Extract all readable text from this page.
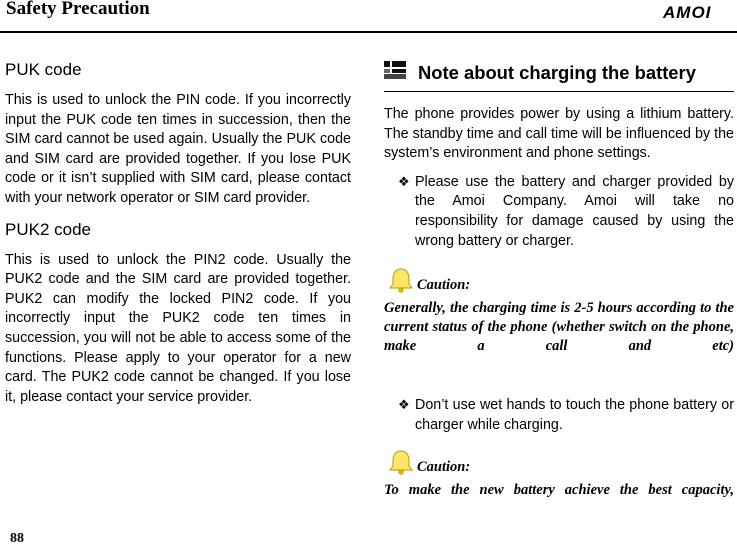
Safety Precaution	AMOI
PUK code

This is used to unlock the PIN code. If you incorrectly input the PUK code ten times in succession, then the SIM card cannot be used again. Usually the PUK code and SIM card are provided together. If you lose PUK code or it isn’t supplied with SIM card, please contact with your network operator or SIM card provider.

PUK2 code

This is used to unlock the PIN2 code. Usually the PUK2 code and the SIM card are provided together. PUK2 can modify the locked PIN2 code. If you incorrectly input the PUK2 code ten times in succession, you will not be able to access some of the functions. Please apply to your operator for a new card. The PUK2 code cannot be changed. If you lose it, please contact your service provider.

Note about charging the battery

The phone provides power by using a lithium battery. The standby time and call time will be influenced by the system’s environment and phone settings.

❖ Please use the battery and charger provided by the Amoi Company. Amoi will take no responsibility for damage caused by using the wrong battery or charger.
Caution:

Generally, the charging time is 2-5 hours according to the current status of the phone (whether switch on the phone, make a call and etc)

❖ Don’t use wet hands to touch the phone battery or charger while charging.
Caution:

To make the new battery achieve the best capacity,

88
